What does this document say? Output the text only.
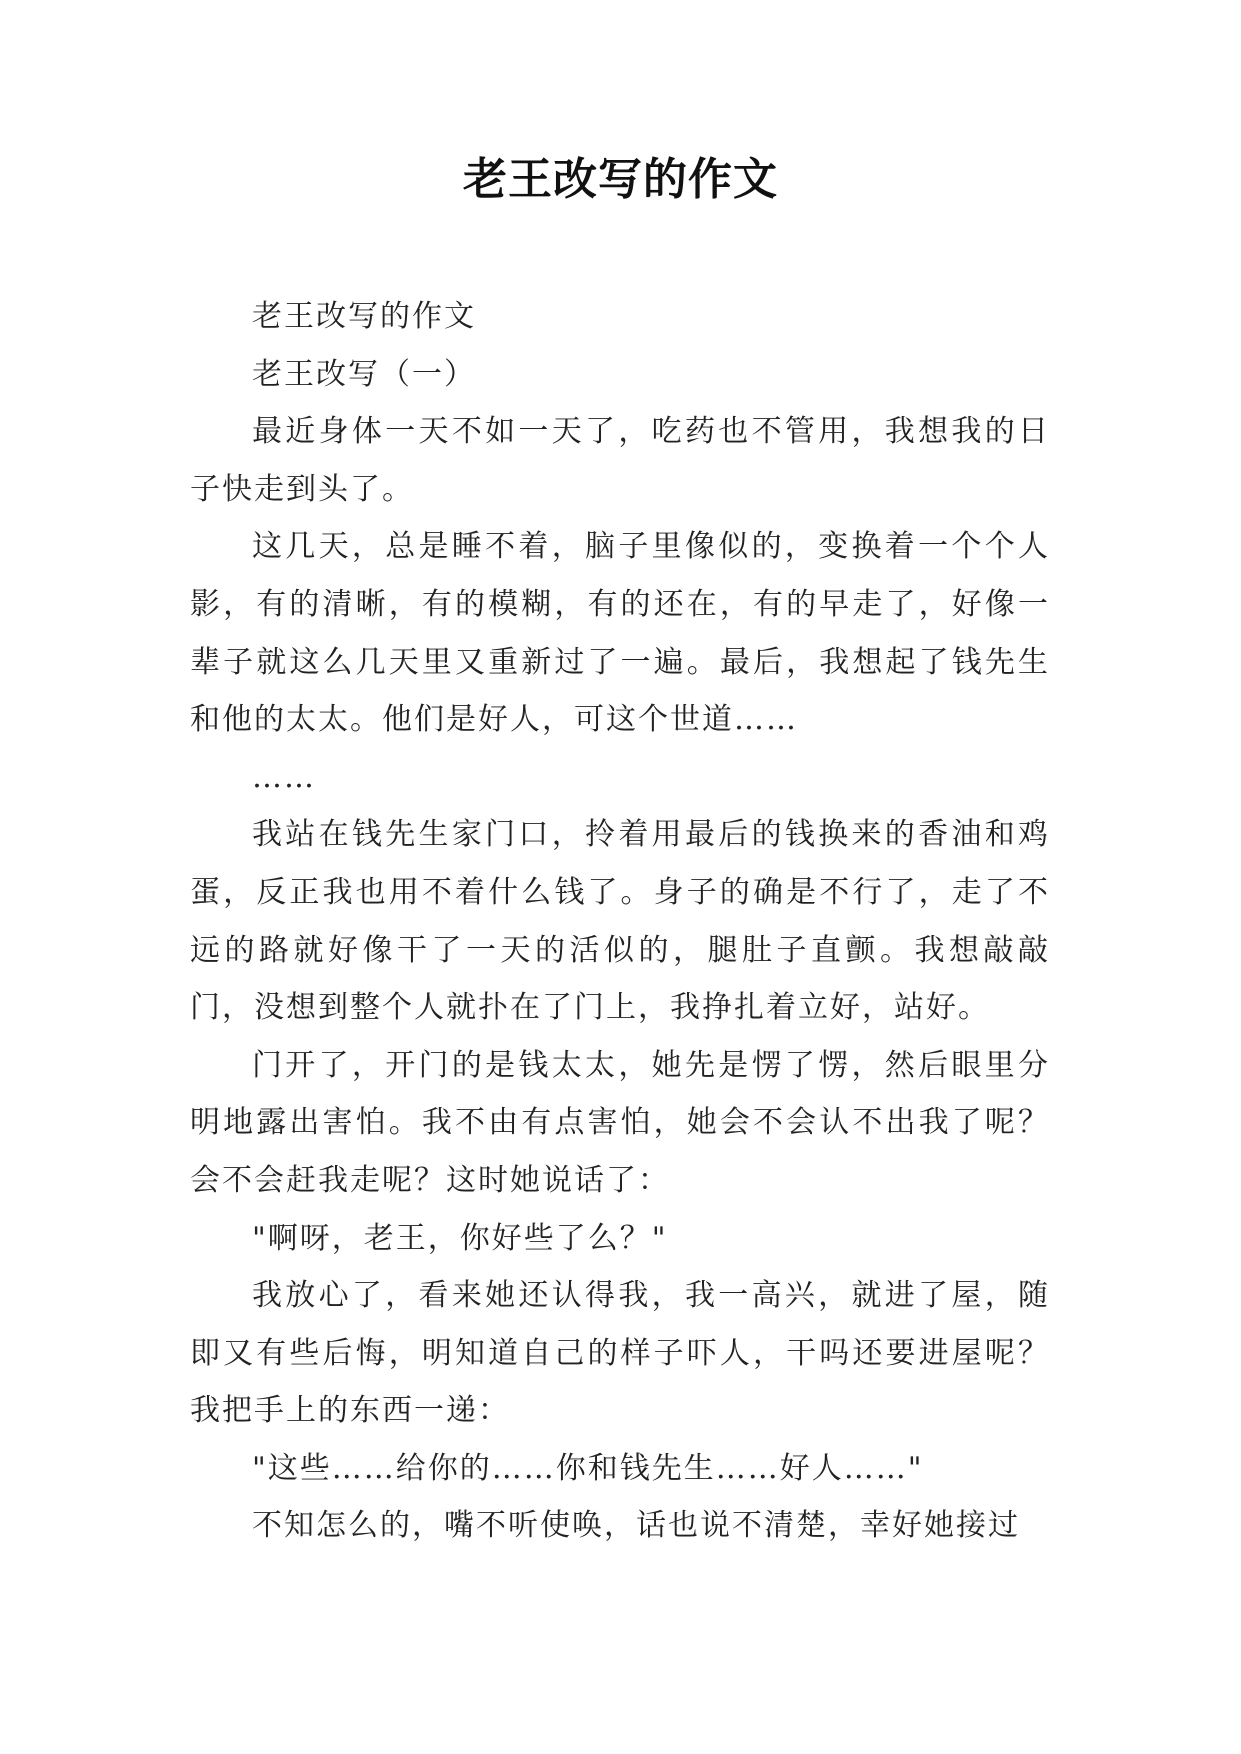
老王改写的作文

老王改写的作文

老王改写（一）

最近身体一天不如一天了，吃药也不管用，我想我的日子快走到头了。

这几天，总是睡不着，脑子里像似的，变换着一个个人影，有的清晰，有的模糊，有的还在，有的早走了，好像一辈子就这么几天里又重新过了一遍。最后，我想起了钱先生和他的太太。他们是好人，可这个世道……

……

我站在钱先生家门口，拎着用最后的钱换来的香油和鸡蛋，反正我也用不着什么钱了。身子的确是不行了，走了不远的路就好像干了一天的活似的，腿肚子直颤。我想敲敲门，没想到整个人就扑在了门上，我挣扎着立好，站好。

门开了，开门的是钱太太，她先是愣了愣，然后眼里分明地露出害怕。我不由有点害怕，她会不会认不出我了呢？会不会赶我走呢？这时她说话了：

"啊呀，老王，你好些了么？"

我放心了，看来她还认得我，我一高兴，就进了屋，随即又有些后悔，明知道自己的样子吓人，干吗还要进屋呢？我把手上的东西一递：

"这些……给你的……你和钱先生……好人……"

不知怎么的，嘴不听使唤，话也说不清楚，幸好她接过
